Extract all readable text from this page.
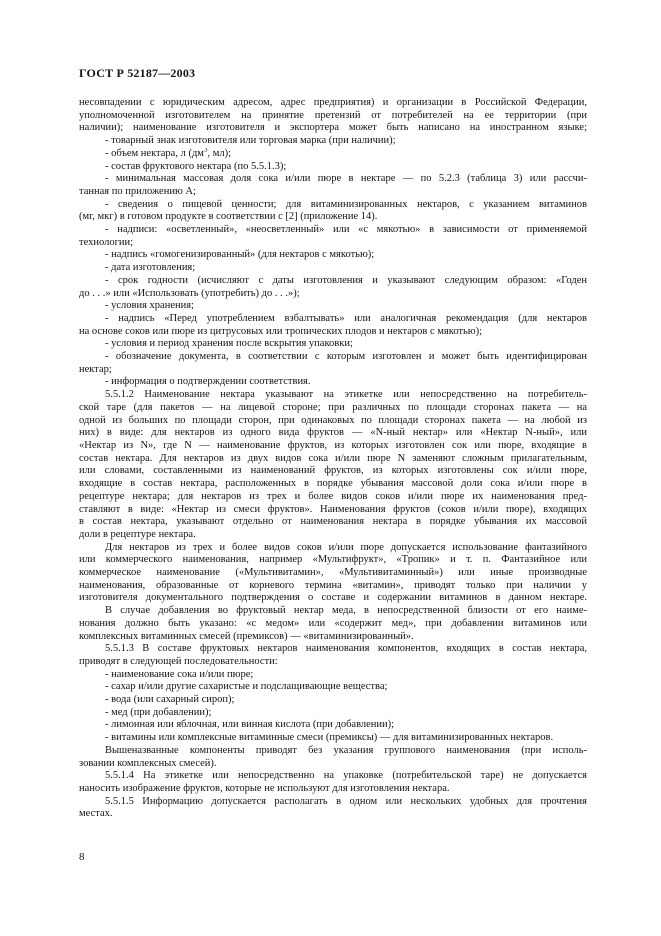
ГОСТ Р 52187—2003
несовпадении с юридическим адресом, адрес предприятия) и организации в Российской Федерации,
уполномоченной изготовителем на принятие претензий от потребителей на ее территории (при
наличии); наименование изготовителя и экспортера может быть написано на иностранном языке;
- товарный знак изготовителя или торговая марка (при наличии);
- объем нектара, л ($дм^3$, мл);
- состав фруктового нектара (по 5.5.1.3);
- минимальная массовая доля сока и/или пюре в нектаре — по 5.2.3 (таблица 3) или рассчи-
танная по приложению А;
- сведения о пищевой ценности; для витаминизированных нектаров, с указанием витаминов
(мг, мкг) в готовом продукте в соответствии с [2] (приложение 14).
- надписи: «осветленный», «неосветленный» или «с мякотью» в зависимости от применяемой
технологии;
- надпись «гомогенизированный» (для нектаров с мякотью);
- дата изготовления;
- срок годности (исчисляют с даты изготовления и указывают следующим образом: «Годен
до . . .» или «Использовать (употребить) до . . .»);
- условия хранения;
- надпись «Перед употреблением взбалтывать» или аналогичная рекомендация (для нектаров
на основе соков или пюре из цитрусовых или тропических плодов и нектаров с мякотью);
- условия и период хранения после вскрытия упаковки;
- обозначение документа, в соответствии с которым изготовлен и может быть идентифицирован
нектар;
- информация о подтверждении соответствия.
5.5.1.2 Наименование нектара указывают на этикетке или непосредственно на потребитель-
ской таре (для пакетов — на лицевой стороне; при различных по площади сторонах пакета — на
одной из больших по площади сторон, при одинаковых по площади сторонах пакета — на любой из
них) в виде: для нектаров из одного вида фруктов — «N-ный нектар» или «Нектар N-ный», или
«Нектар из N», где N — наименование фруктов, из которых изготовлен сок или пюре, входящие в
состав нектара. Для нектаров из двух видов сока и/или пюре N заменяют сложным прилагательным,
или словами, составленными из наименований фруктов, из которых изготовлены сок и/или пюре,
входящие в состав нектара, расположенных в порядке убывания массовой доли сока и/или пюре в
рецептуре нектара; для нектаров из трех и более видов соков и/или пюре их наименования пред-
ставляют в виде: «Нектар из смеси фруктов». Наименования фруктов (соков и/или пюре), входящих
в состав нектара, указывают отдельно от наименования нектара в порядке убывания их массовой
доли в рецептуре нектара.
Для нектаров из трех и более видов соков и/или пюре допускается использование фантазийного
или коммерческого наименования, например «Мультифрукт», «Тропик» и т. п. Фантазийное или
коммерческое наименование («Мультивитамин», «Мультивитаминный») или иные производные
наименования, образованные от корневого термина «витамин», приводят только при наличии у
изготовителя документального подтверждения о составе и содержании витаминов в данном нектаре.
В случае добавления во фруктовый нектар меда, в непосредственной близости от его наиме-
нования должно быть указано: «с медом» или «содержит мед», при добавлении витаминов или
комплексных витаминных смесей (премиксов) — «витаминизированный».
5.5.1.3 В составе фруктовых нектаров наименования компонентов, входящих в состав нектара,
приводят в следующей последовательности:
- наименование сока и/или пюре;
- сахар и/или другие сахаристые и подслащивающие вещества;
- вода (или сахарный сироп);
- мед (при добавлении);
- лимонная или яблочная, или винная кислота (при добавлении);
- витамины или комплексные витаминные смеси (премиксы) — для витаминизированных нектаров.
Вышеназванные компоненты приводят без указания группового наименования (при исполь-
зовании комплексных смесей).
5.5.1.4 На этикетке или непосредственно на упаковке (потребительской таре) не допускается
наносить изображение фруктов, которые не используют для изготовления нектара.
5.5.1.5 Информацию допускается располагать в одном или нескольких удобных для прочтения
местах.
8
